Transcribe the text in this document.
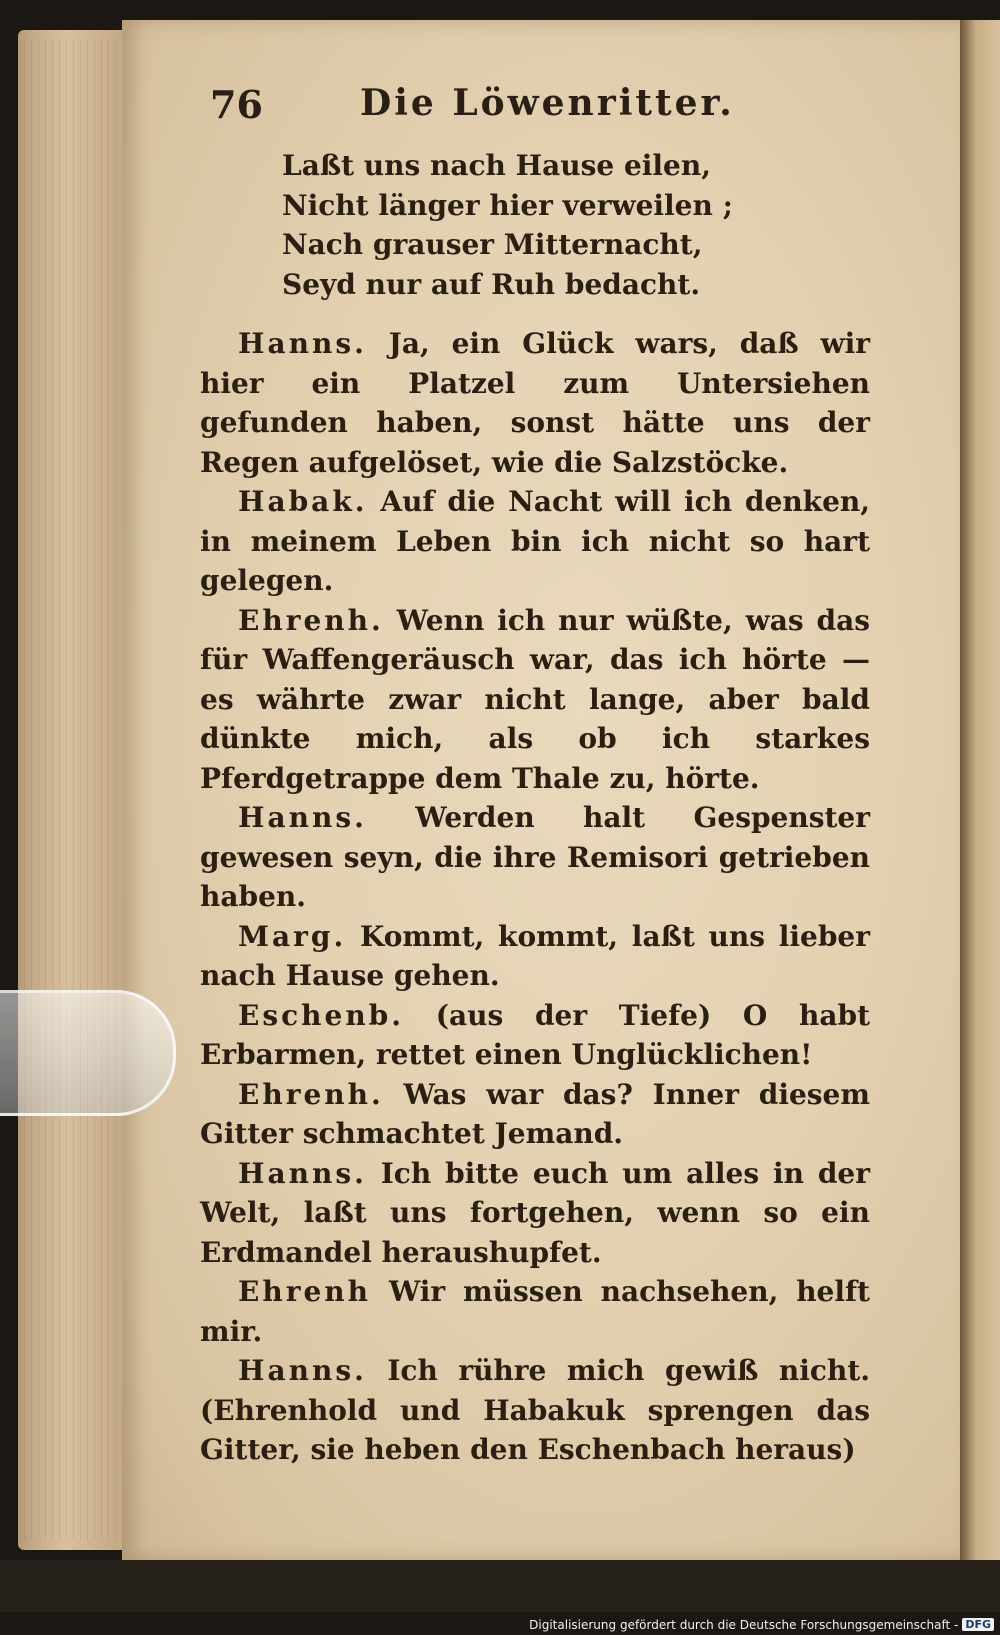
76	Die Löwenritter.
Laßt uns nach Hause eilen,
Nicht länger hier verweilen ;
Nach grauser Mitternacht,
Seyd nur auf Ruh bedacht.

Hanns. Ja, ein Glück wars, daß wir hier ein Platzel zum Untersiehen gefunden haben, sonst hätte uns der Regen aufgelöset, wie die Salzstöcke.

Habak. Auf die Nacht will ich denken, in meinem Leben bin ich nicht so hart gelegen.

Ehrenh. Wenn ich nur wüßte, was das für Waffengeräusch war, das ich hörte — es währte zwar nicht lange, aber bald dünkte mich, als ob ich starkes Pferdgetrappe dem Thale zu, hörte.

Hanns. Werden halt Gespenster gewesen seyn, die ihre Remisori getrieben haben.

Marg. Kommt, kommt, laßt uns lieber nach Hause gehen.

Eschenb. (aus der Tiefe) O habt Erbarmen, rettet einen Unglücklichen!

Ehrenh. Was war das? Inner diesem Gitter schmachtet Jemand.

Hanns. Ich bitte euch um alles in der Welt, laßt uns fortgehen, wenn so ein Erdmandel heraushupfet.

Ehrenh Wir müssen nachsehen, helft mir.

Hanns. Ich rühre mich gewiß nicht. (Ehrenhold und Habakuk sprengen das Gitter, sie heben den Eschenbach heraus)

Digitalisierung gefördert durch die Deutsche Forschungsgemeinschaft - DFG
